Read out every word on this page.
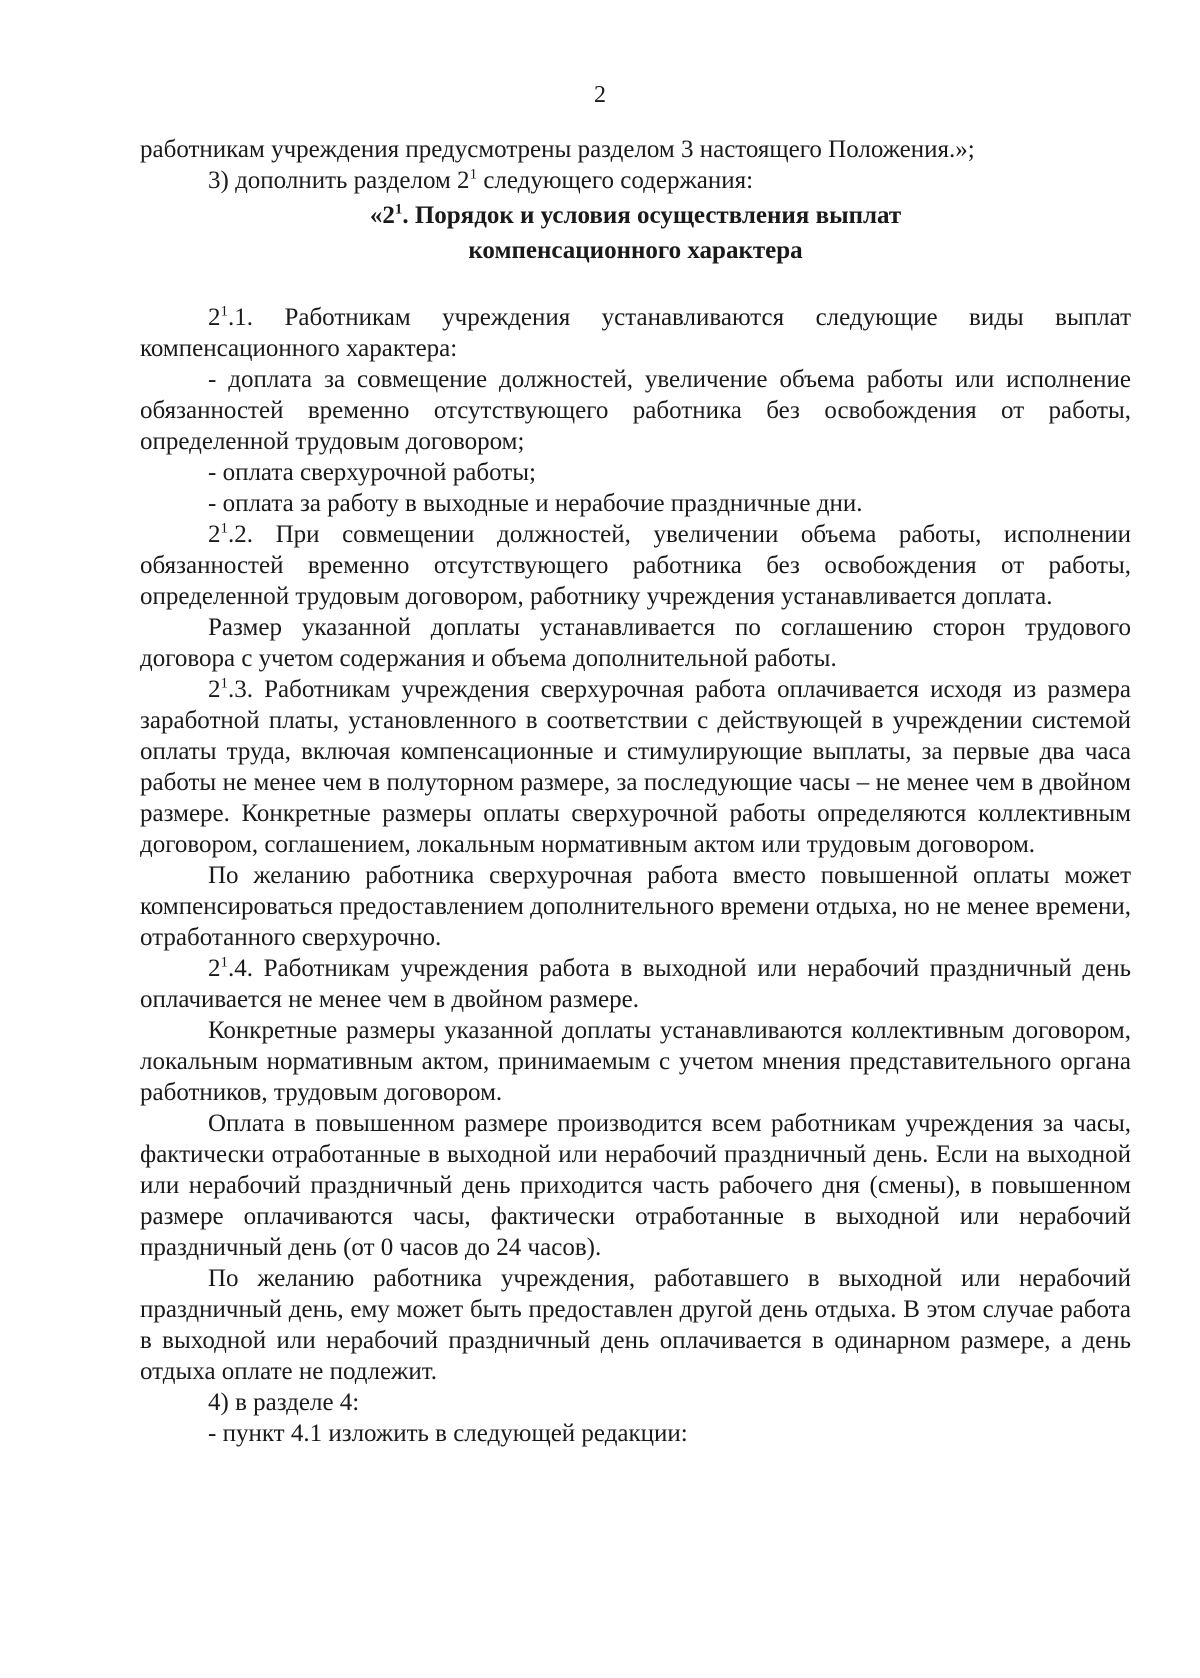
2

работникам учреждения предусмотрены разделом 3 настоящего Положения.»;

3) дополнить разделом $2^1$ следующего содержания:

«$2^1$. Порядок и условия осуществления выплат

компенсационного характера

$2^1.1$. Работникам учреждения устанавливаются следующие виды выплат компенсационного характера:

- доплата за совмещение должностей, увеличение объема работы или исполнение обязанностей временно отсутствующего работника без освобождения от работы, определенной трудовым договором;

- оплата сверхурочной работы;

- оплата за работу в выходные и нерабочие праздничные дни.

$2^1.2$. При совмещении должностей, увеличении объема работы, исполнении обязанностей временно отсутствующего работника без освобождения от работы, определенной трудовым договором, работнику учреждения устанавливается доплата.

Размер указанной доплаты устанавливается по соглашению сторон трудового договора с учетом содержания и объема дополнительной работы.

$2^1.3$. Работникам учреждения сверхурочная работа оплачивается исходя из размера заработной платы, установленного в соответствии с действующей в учреждении системой оплаты труда, включая компенсационные и стимулирующие выплаты, за первые два часа работы не менее чем в полуторном размере, за последующие часы – не менее чем в двойном размере. Конкретные размеры оплаты сверхурочной работы определяются коллективным договором, соглашением, локальным нормативным актом или трудовым договором.

По желанию работника сверхурочная работа вместо повышенной оплаты может компенсироваться предоставлением дополнительного времени отдыха, но не менее времени, отработанного сверхурочно.

$2^1.4$. Работникам учреждения работа в выходной или нерабочий праздничный день оплачивается не менее чем в двойном размере.

Конкретные размеры указанной доплаты устанавливаются коллективным договором, локальным нормативным актом, принимаемым с учетом мнения представительного органа работников, трудовым договором.

Оплата в повышенном размере производится всем работникам учреждения за часы, фактически отработанные в выходной или нерабочий праздничный день. Если на выходной или нерабочий праздничный день приходится часть рабочего дня (смены), в повышенном размере оплачиваются часы, фактически отработанные в выходной или нерабочий праздничный день (от 0 часов до 24 часов).

По желанию работника учреждения, работавшего в выходной или нерабочий праздничный день, ему может быть предоставлен другой день отдыха. В этом случае работа в выходной или нерабочий праздничный день оплачивается в одинарном размере, а день отдыха оплате не подлежит.

4) в разделе 4:

- пункт 4.1 изложить в следующей редакции:
